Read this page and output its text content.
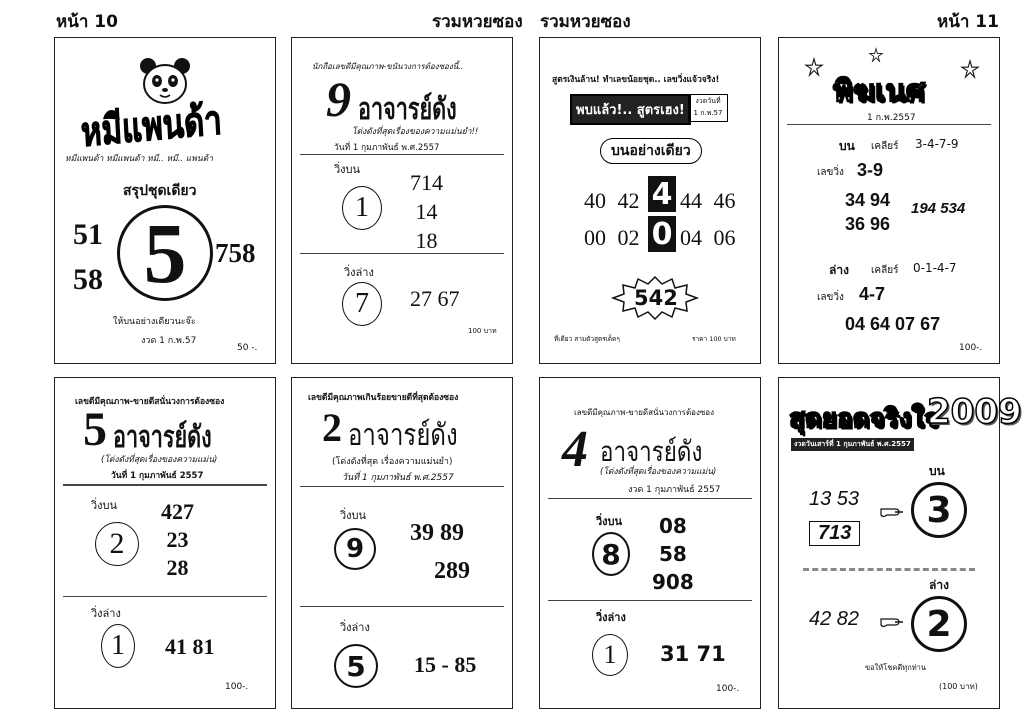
หน้า 10	รวมหวยซอง รวมหวยซอง	หน้า 11
หมีแพนด้า
หมีแพนด้า หมีแพนด้า หมี.. หมี.. แพนด้า
สรุปชุดเดียว
5
51
58
758
ให้บนอย่างเดียวนะจ๊ะ
งวด 1 ก.พ.57
50 -.
นักถือเลขดีมีคุณภาพ-ขนันวงการต้องซองนี้..
9 อาจารย์ดัง
โด่งดังที่สุดเรื่องของความแม่นยำ!!
วันที่ 1 กุมภาพันธ์ พ.ศ.2557
วิ่งบน
1
714
14
18
วิ่งล่าง
7 27 67
100 บาท
สูตรเงินล้าน! ทำเลขน้อยชุด.. เลขวิ่งแจ้วจริง!
พบแล้ว!.. สูตรเฮง!
งวดวันที่
1 ก.พ.57
บนอย่างเดียว
40 42 4 44 46
00 02 0 04 06
542
ที่เดียว สามตัวสูตรเด็ดๆ	ราคา 100 บาท
พิฆเนศ
1 ก.พ.2557
บน เคลียร์ 3-4-7-9
เลขวิ่ง 3-9
34 94
36 96
194 534
ล่าง เคลียร์ 0-1-4-7
เลขวิ่ง 4-7
04 64 07 67
100-.
เลขดีมีคุณภาพ-ขายดีสนั่นวงการต้องซอง
5 อาจารย์ดัง
(โด่งดังที่สุดเรื่องของความแม่น)
วันที่ 1 กุมภาพันธ์ 2557
วิ่งบน
2
427
23
28
วิ่งล่าง
1 41 81
100-.
เลขดีมีคุณภาพเกินร้อยขายดีที่สุดต้องซอง
2 อาจารย์ดัง
(โด่งดังที่สุด เรื่องความแม่นยำ)
วันที่ 1 กุมภาพันธ์ พ.ศ.2557
วิ่งบน
9
39 89
289
วิ่งล่าง
5 15 - 85
เลขดีมีคุณภาพ-ขายดีสนั่นวงการต้องซอง
4 อาจารย์ดัง
(โด่งดังที่สุดเรื่องของความแม่น)
งวด 1 กุมภาพันธ์ 2557
วิ่งบน
8
08
58
908
วิ่งล่าง
1 31 71
100-.
สุดยอดจริงใจ
2009
งวดวันเสาร์ที่ 1 กุมภาพันธ์ พ.ศ.2557
บน
13 53
713
3
ล่าง
42 82 2
ขอให้โชคดีทุกท่าน
(100 บาท)
